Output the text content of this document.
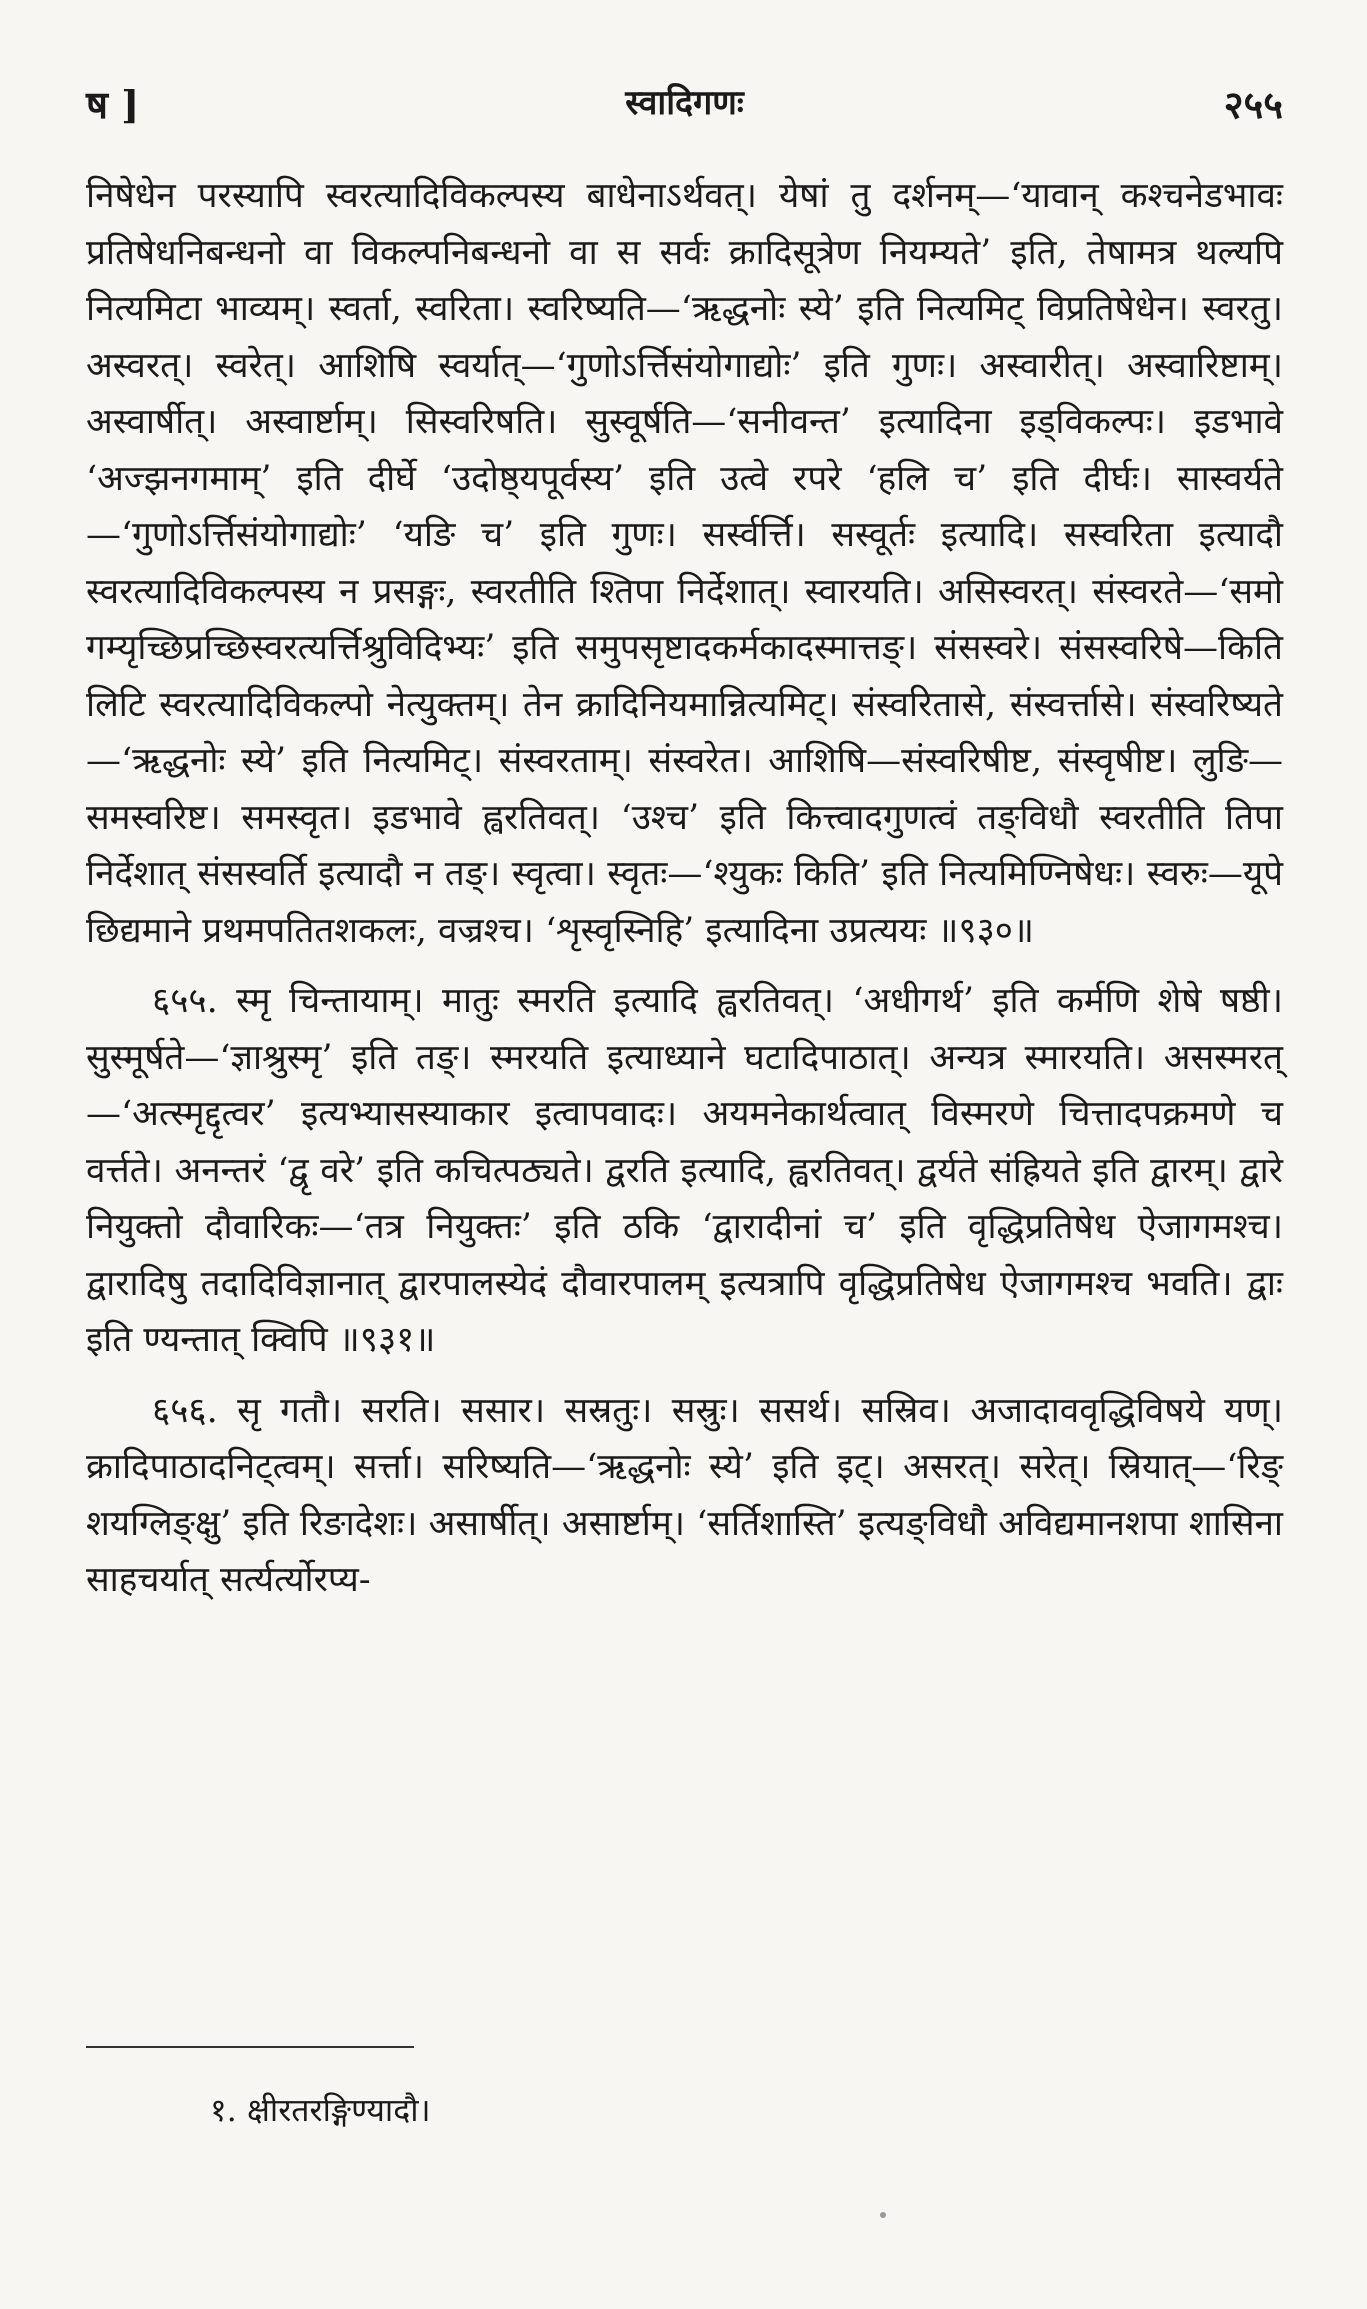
ष ]	स्वादिगणः	२५५

निषेधेन परस्यापि स्वरत्यादिविकल्पस्य बाधेनाऽर्थवत्। येषां तु दर्शनम्—‘यावान् कश्चनेडभावः प्रतिषेधनिबन्धनो वा विकल्पनिबन्धनो वा स सर्वः क्रादिसूत्रेण नियम्यते’ इति, तेषामत्र थल्यपि नित्यमिटा भाव्यम्। स्वर्ता, स्वरिता। स्वरिष्यति—‘ऋद्धनोः स्ये’ इति नित्यमिट् विप्रतिषेधेन। स्वरतु। अस्वरत्। स्वरेत्। आशिषि स्वर्यात्—‘गुणोऽर्त्तिसंयोगाद्योः’ इति गुणः। अस्वारीत्। अस्वारिष्टाम्। अस्वार्षीत्। अस्वार्ष्टाम्। सिस्वरिषति। सुस्वूर्षति—‘सनीवन्त’ इत्यादिना इड्विकल्पः। इडभावे ‘अज्झनगमाम्’ इति दीर्घे ‘उदोष्ठ्यपूर्वस्य’ इति उत्वे रपरे ‘हलि च’ इति दीर्घः। सास्वर्यते—‘गुणोऽर्त्तिसंयोगाद्योः’ ‘यङि च’ इति गुणः। सर्स्वर्त्ति। सस्वूर्तः इत्यादि। सस्वरिता इत्यादौ स्वरत्यादिविकल्पस्य न प्रसङ्गः, स्वरतीति श्तिपा निर्देशात्। स्वारयति। असिस्वरत्। संस्वरते—‘समो गम्यृच्छिप्रच्छिस्वरत्यर्त्तिश्रुविदिभ्यः’ इति समुपसृष्टादकर्मकादस्मात्तङ्। संसस्वरे। संसस्वरिषे—किति लिटि स्वरत्यादिविकल्पो नेत्युक्तम्। तेन क्रादिनियमान्नित्यमिट्। संस्वरितासे, संस्वर्त्तासे। संस्वरिष्यते—‘ऋद्धनोः स्ये’ इति नित्यमिट्। संस्वरताम्। संस्वरेत। आशिषि—संस्वरिषीष्ट, संस्वृषीष्ट। लुङि—समस्वरिष्ट। समस्वृत। इडभावे ह्वरतिवत्। ‘उश्च’ इति कित्त्वादगुणत्वं तङ्विधौ स्वरतीति तिपा निर्देशात् संसस्वर्ति इत्यादौ न तङ्। स्वृत्वा। स्वृतः—‘श्युकः किति’ इति नित्यमिण्निषेधः। स्वरुः—यूपे छिद्यमाने प्रथमपतितशकलः, वज्रश्च। ‘शृस्वृस्निहि’ इत्यादिना उप्रत्ययः ॥९३०॥

६५५. स्मृ चिन्तायाम्। मातुः स्मरति इत्यादि ह्वरतिवत्। ‘अधीगर्थ’ इति कर्मणि शेषे षष्ठी। सुस्मूर्षते—‘ज्ञाश्रुस्मृ’ इति तङ्। स्मरयति इत्याध्याने घटादिपाठात्। अन्यत्र स्मारयति। असस्मरत्—‘अत्स्मृद्दृत्वर’ इत्यभ्यासस्याकार इत्वापवादः। अयमनेकार्थत्वात् विस्मरणे चित्तादपक्रमणे च वर्त्तते। अनन्तरं ‘द्वृ वरे’ इति कचित्पठ्यते। द्वरति इत्यादि, ह्वरतिवत्। द्वर्यते संह्रियते इति द्वारम्। द्वारे नियुक्तो दौवारिकः—‘तत्र नियुक्तः’ इति ठकि ‘द्वारादीनां च’ इति वृद्धिप्रतिषेध ऐजागमश्च। द्वारादिषु तदादिविज्ञानात् द्वारपालस्येदं दौवारपालम् इत्यत्रापि वृद्धिप्रतिषेध ऐजागमश्च भवति। द्वाः इति ण्यन्तात् क्विपि ॥९३१॥

६५६. सृ गतौ। सरति। ससार। सस्रतुः। सस्रुः। ससर्थ। सस्रिव। अजादाववृद्धिविषये यण्। क्रादिपाठादनिट्त्वम्। सर्त्ता। सरिष्यति—‘ऋद्धनोः स्ये’ इति इट्। असरत्। सरेत्। स्रियात्—‘रिङ् शयग्लिङ्क्षु’ इति रिङादेशः। असार्षीत्। असार्ष्टाम्। ‘सर्तिशास्ति’ इत्यङ्विधौ अविद्यमानशपा शासिना साहचर्यात् सर्त्यर्त्योरप्य-

१. क्षीरतरङ्गिण्यादौ।
